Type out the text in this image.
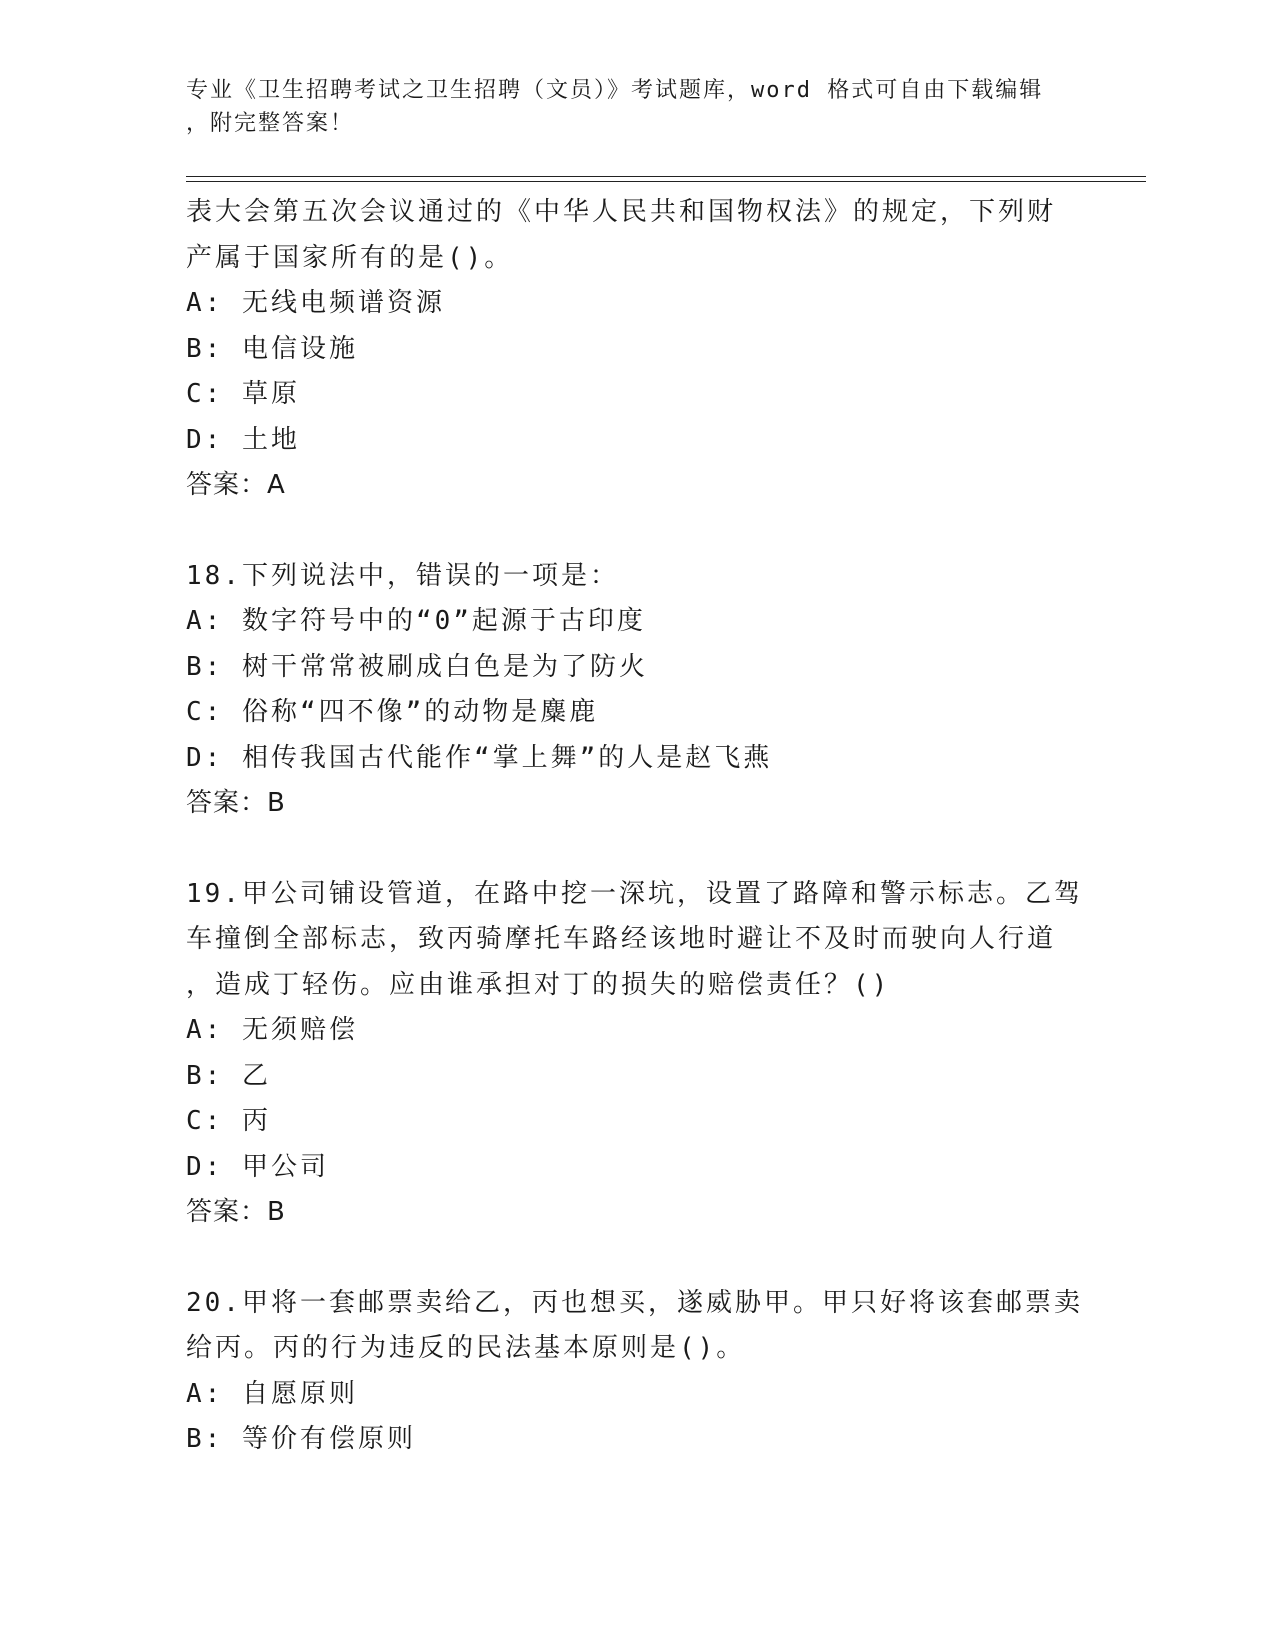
专业《卫生招聘考试之卫生招聘（文员）》考试题库，word 格式可自由下载编辑
，附完整答案！
表大会第五次会议通过的《中华人民共和国物权法》的规定，下列财
产属于国家所有的是()。
A: 无线电频谱资源
B: 电信设施
C: 草原
D: 土地
答案：A
18.下列说法中，错误的一项是：
A: 数字符号中的“0”起源于古印度
B: 树干常常被刷成白色是为了防火
C: 俗称“四不像”的动物是麋鹿
D: 相传我国古代能作“掌上舞”的人是赵飞燕
答案：B
19.甲公司铺设管道，在路中挖一深坑，设置了路障和警示标志。乙驾
车撞倒全部标志，致丙骑摩托车路经该地时避让不及时而驶向人行道
，造成丁轻伤。应由谁承担对丁的损失的赔偿责任？()
A: 无须赔偿
B: 乙
C: 丙
D: 甲公司
答案：B
20.甲将一套邮票卖给乙，丙也想买，遂威胁甲。甲只好将该套邮票卖
给丙。丙的行为违反的民法基本原则是()。
A: 自愿原则
B: 等价有偿原则
